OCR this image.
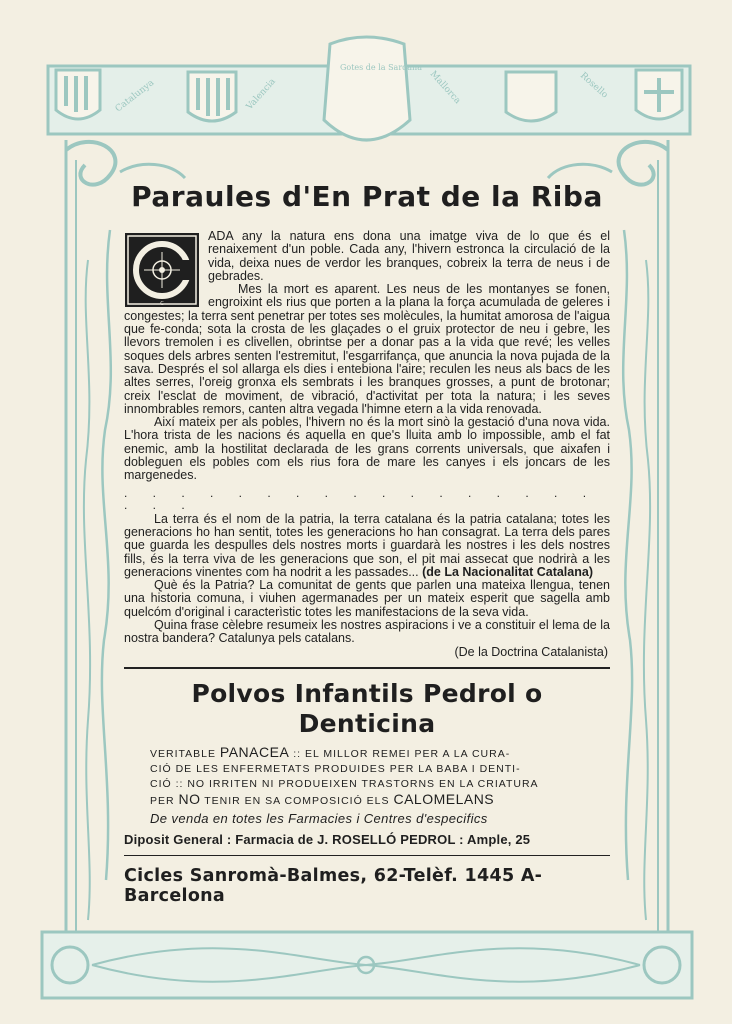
Catalunya	Valencia	Mallorca	Rosello
Gotes de la Sardana
Paraules d'En Prat de la Riba
C

ADA any la natura ens dona una imatge viva de lo que és el renaixement d'un poble. Cada any, l'hivern estronca la circulació de la vida, deixa nues de verdor les branques, cobreix la terra de neus i de gebrades.

Mes la mort es aparent. Les neus de les montanyes se fonen, engroixint els rius que porten a la plana la força acumulada de geleres i congestes; la terra sent penetrar per totes ses molècules, la humitat amorosa de l'aigua que fe-conda; sota la crosta de les glaçades o el gruix protector de neu i gebre, les llevors tremolen i es clivellen, obrintse per a donar pas a la vida que revé; les velles soques dels arbres senten l'estremitut, l'esgarrifança, que anuncia la nova pujada de la sava. Després el sol allarga els dies i entebiona l'aire; reculen les neus als bacs de les altes serres, l'oreig gronxa els sembrats i les branques grosses, a punt de brotonar; creix l'esclat de moviment, de vibració, d'activitat per tota la natura; i les seves innombrables remors, canten altra vegada l'himne etern a la vida renovada.

Així mateix per als pobles, l'hivern no és la mort sinò la gestació d'una nova vida. L'hora trista de les nacions és aquella en que's lluita amb lo impossible, amb el fat enemic, amb la hostilitat declarada de les grans corrents universals, que aixafen i dobleguen els pobles com els rius fora de mare les canyes i els joncars de les margenedes.

. . . . . . . . . . . . . . . . . . . .

La terra és el nom de la patria, la terra catalana és la patria catalana; totes les generacions ho han sentit, totes les generacions ho han consagrat. La terra dels pares que guarda les despulles dels nostres morts i guardarà les nostres i les dels nostres fills, és la terra viva de les generacions que son, el pit mai assecat que nodrirà a les generacions vinentes com ha nodrit a les passades... (de La Nacionalitat Catalana)

Què és la Patria? La comunitat de gents que parlen una mateixa llengua, tenen una historia comuna, i viuhen agermanades per un mateix esperit que sagella amb quelcóm d'original i caracterìstic totes les manifestacions de la seva vida.

Quina frase cèlebre resumeix les nostres aspiracions i ve a constituir el lema de la nostra bandera? Catalunya pels catalans.

(De la Doctrina Catalanista)

Polvos Infantils Pedrol o Denticina
VERITABLE PANACEA :: EL MILLOR REMEI PER A LA CURA-
CIÓ DE LES ENFERMETATS PRODUIDES PER LA BABA I DENTI-
CIÓ :: NO IRRITEN NI PRODUEIXEN TRASTORNS EN LA CRIATURA
PER NO TENIR EN SA COMPOSICIÓ ELS CALOMELANS
De venda en totes les Farmacies i Centres d'especifics
Diposit General : Farmacia de J. ROSELLÓ PEDROL : Ample, 25

Cicles Sanromà-Balmes, 62-Telèf. 1445 A-Barcelona
